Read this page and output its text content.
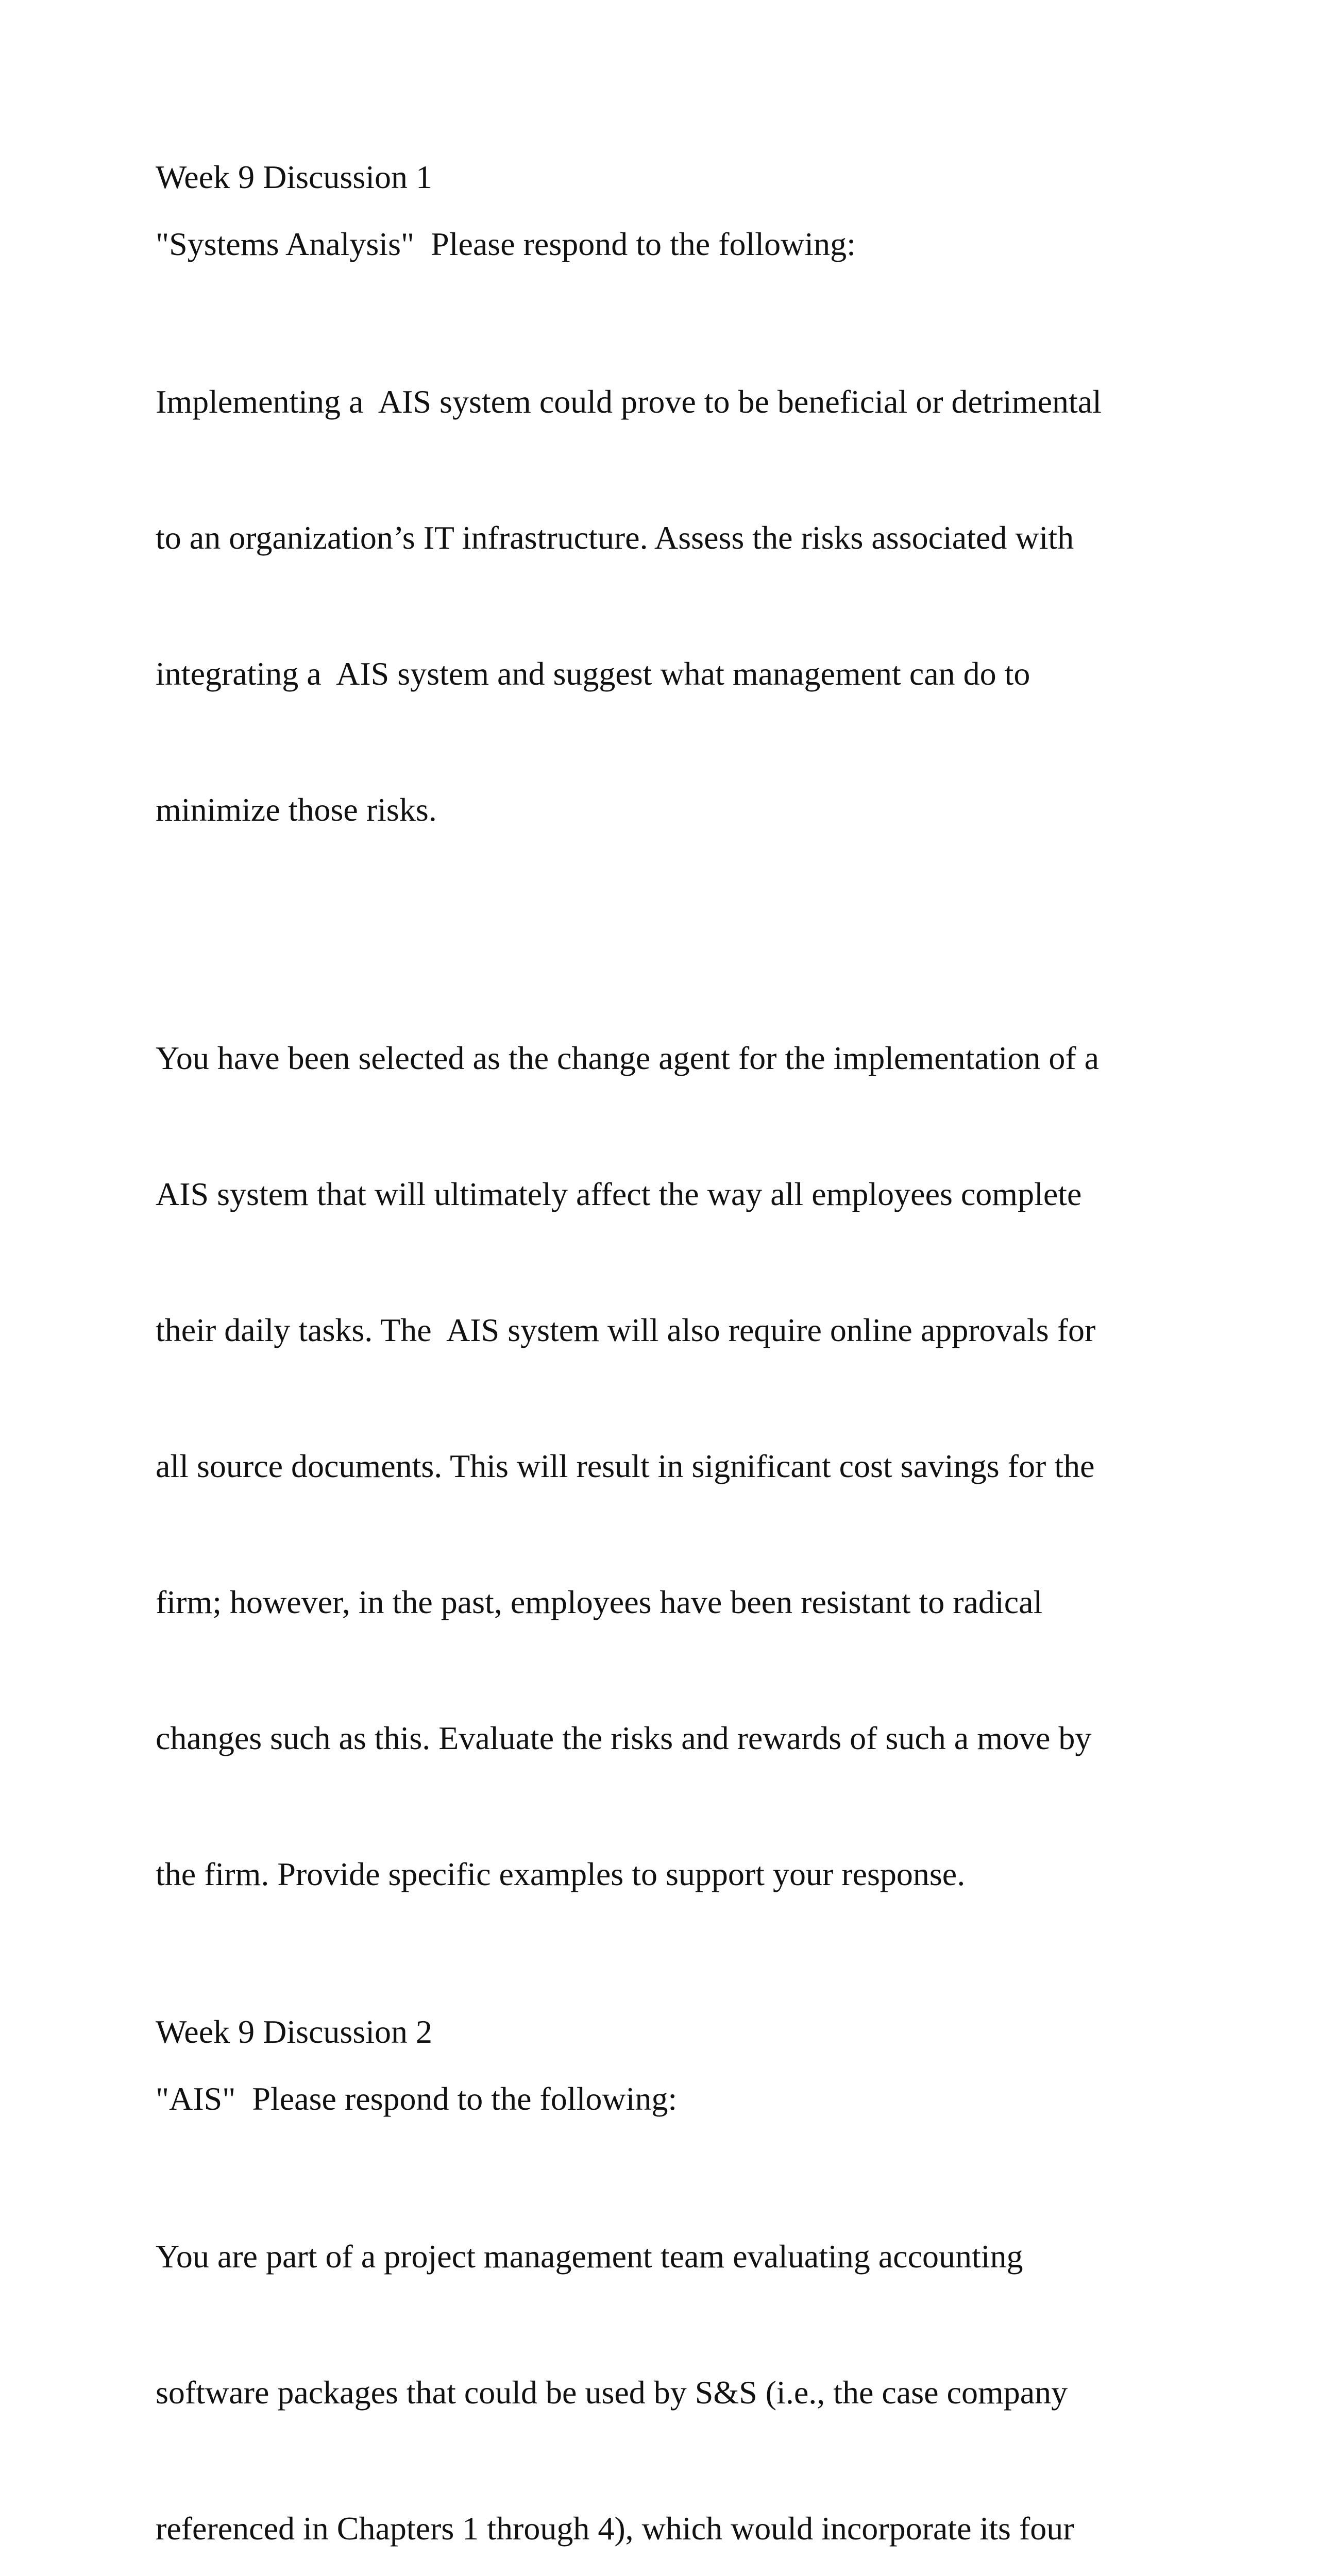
Week 9 Discussion 1

"Systems Analysis"  Please respond to the following:

Implementing a  AIS system could prove to be beneficial or detrimental

to an organization’s IT infrastructure. Assess the risks associated with

integrating a  AIS system and suggest what management can do to

minimize those risks.

You have been selected as the change agent for the implementation of a

AIS system that will ultimately affect the way all employees complete

their daily tasks. The  AIS system will also require online approvals for

all source documents. This will result in significant cost savings for the

firm; however, in the past, employees have been resistant to radical

changes such as this. Evaluate the risks and rewards of such a move by

the firm. Provide specific examples to support your response.

Week 9 Discussion 2

"AIS"  Please respond to the following:

You are part of a project management team evaluating accounting

software packages that could be used by S&S (i.e., the case company

referenced in Chapters 1 through 4), which would incorporate its four
